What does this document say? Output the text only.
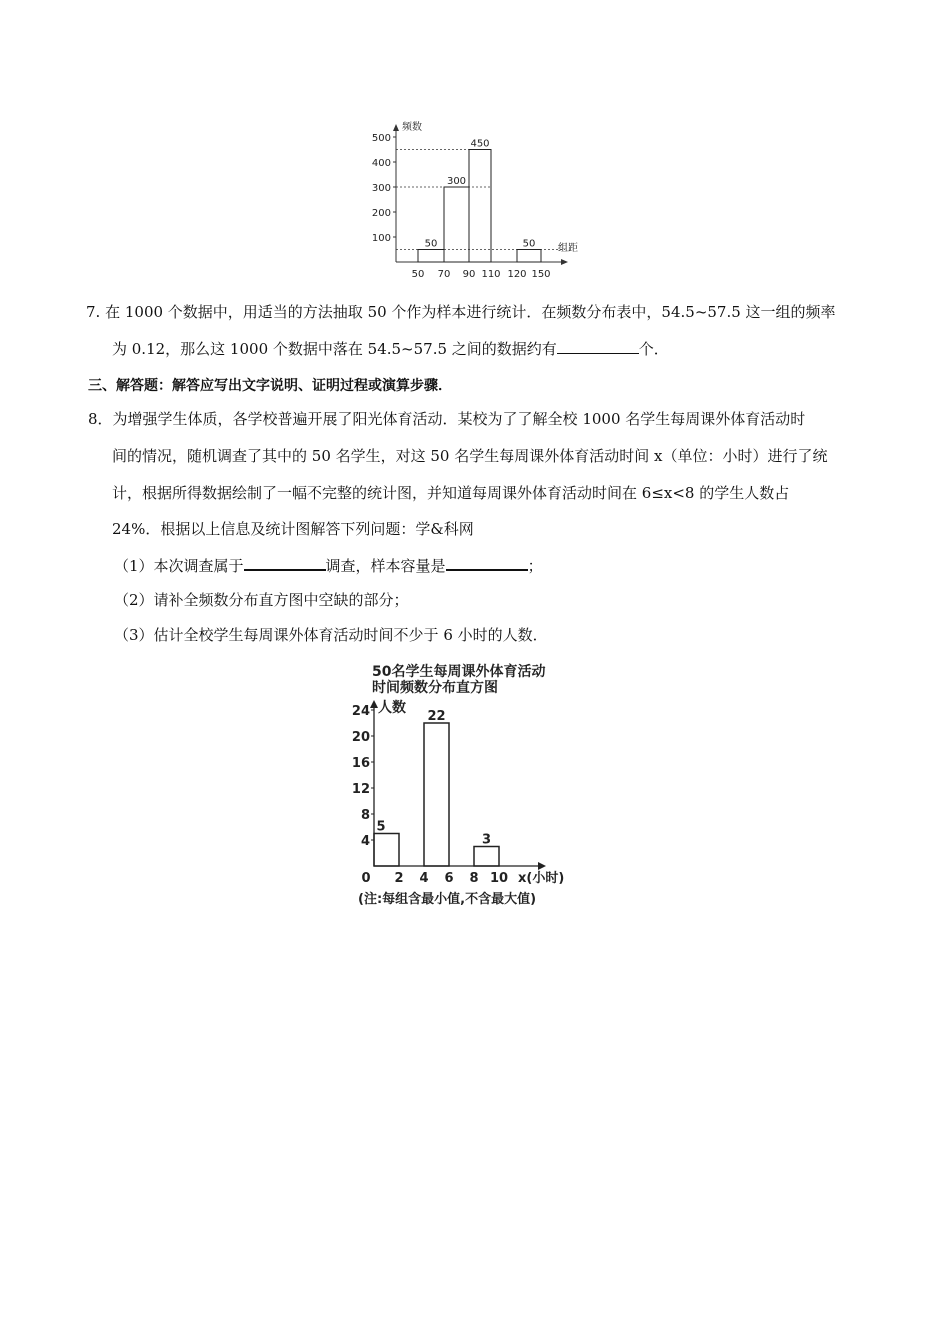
频数
组距
100
200
300
400
500
50 70 90 110 120 150
50
300
450
50
7. 在 1000 个数据中，用适当的方法抽取 50 个作为样本进行统计．在频数分布表中，54.5~57.5 这一组的频率
为 0.12，那么这 1000 个数据中落在 54.5~57.5 之间的数据约有	个．
三、解答题：解答应写出文字说明、证明过程或演算步骤．
8．为增强学生体质，各学校普遍开展了阳光体育活动．某校为了了解全校 1000 名学生每周课外体育活动时
间的情况，随机调查了其中的 50 名学生，对这 50 名学生每周课外体育活动时间 x（单位：小时）进行了统
计，根据所得数据绘制了一幅不完整的统计图，并知道每周课外体育活动时间在 6≤x<8 的学生人数占
24%．根据以上信息及统计图解答下列问题：学&科网
（1）本次调查属于	调查，样本容量是	；
（2）请补全频数分布直方图中空缺的部分；
（3）估计全校学生每周课外体育活动时间不少于 6 小时的人数．
50名学生每周课外体育活动
时间频数分布直方图
人数
x(小时)
4
8
12
16
20
24
0 2 4 6 8 10
5
22
3
(注:每组含最小值,不含最大值)
